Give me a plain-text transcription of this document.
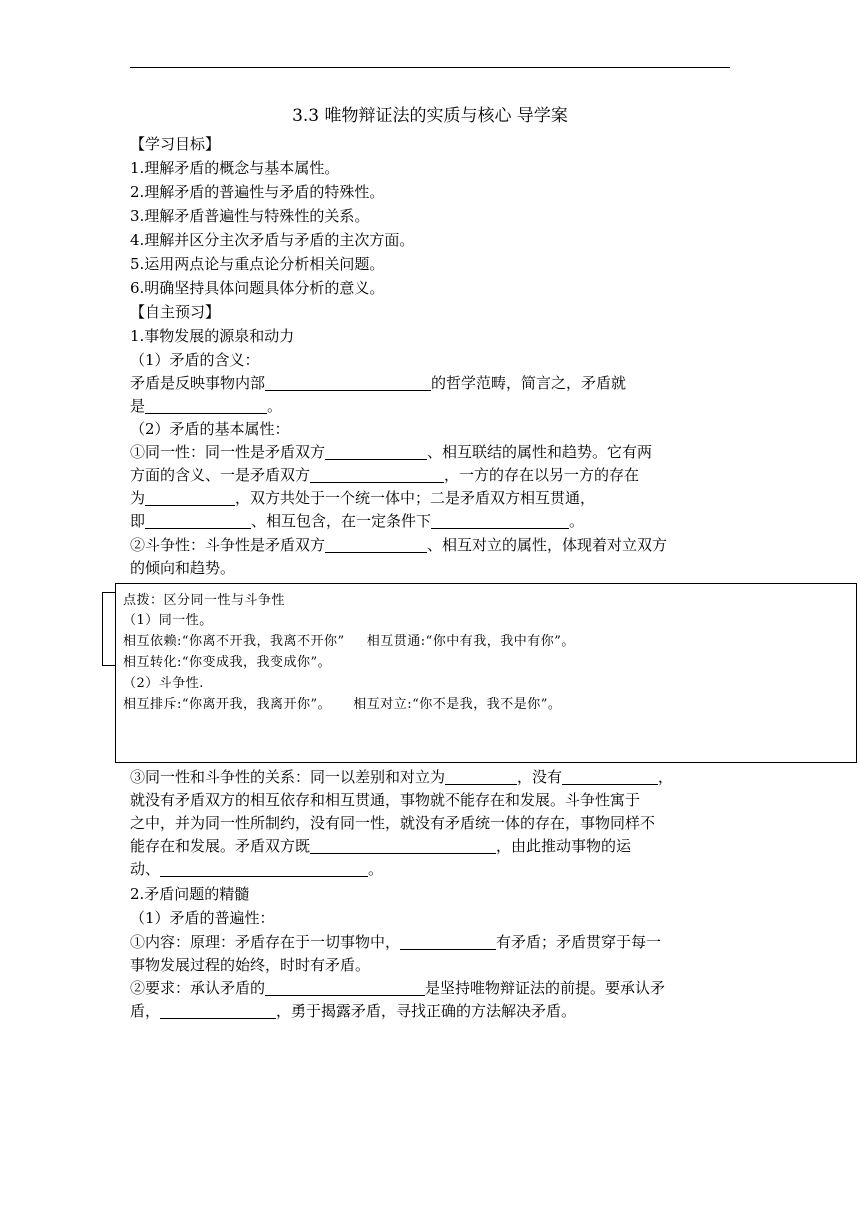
3.3 唯物辩证法的实质与核心 导学案
【学习目标】
1.理解矛盾的概念与基本属性。
2.理解矛盾的普遍性与矛盾的特殊性。
3.理解矛盾普遍性与特殊性的关系。
4.理解并区分主次矛盾与矛盾的主次方面。
5.运用两点论与重点论分析相关问题。
6.明确坚持具体问题具体分析的意义。
【自主预习】
1.事物发展的源泉和动力
（1）矛盾的含义：
矛盾是反映事物内部	的哲学范畴，简言之，矛盾就
是	。
（2）矛盾的基本属性：
①同一性：同一性是矛盾双方	、相互联结的属性和趋势。它有两
方面的含义、一是矛盾双方	，一方的存在以另一方的存在
为	，双方共处于一个统一体中；二是矛盾双方相互贯通，
即	、相互包含，在一定条件下	。
②斗争性：斗争性是矛盾双方	、相互对立的属性，体现着对立双方
的倾向和趋势。
点拨：区分同一性与斗争性
（1）同一性。
相互依赖:“你离不开我，我离不开你” 相互贯通:“你中有我，我中有你”。
相互转化:“你变成我，我变成你”。
（2）斗争性.
相互排斥:“你离开我，我离开你”。 相互对立:“你不是我，我不是你”。
③同一性和斗争性的关系：同一以差别和对立为	，没有	，
就没有矛盾双方的相互依存和相互贯通，事物就不能存在和发展。斗争性寓于
之中，并为同一性所制约，没有同一性，就没有矛盾统一体的存在，事物同样不
能存在和发展。矛盾双方既	，由此推动事物的运
动、	。
2.矛盾问题的精髓
（1）矛盾的普遍性：
①内容：原理：矛盾存在于一切事物中，	有矛盾；矛盾贯穿于每一
事物发展过程的始终，时时有矛盾。
②要求：承认矛盾的	是坚持唯物辩证法的前提。要承认矛
盾，	，勇于揭露矛盾，寻找正确的方法解决矛盾。
